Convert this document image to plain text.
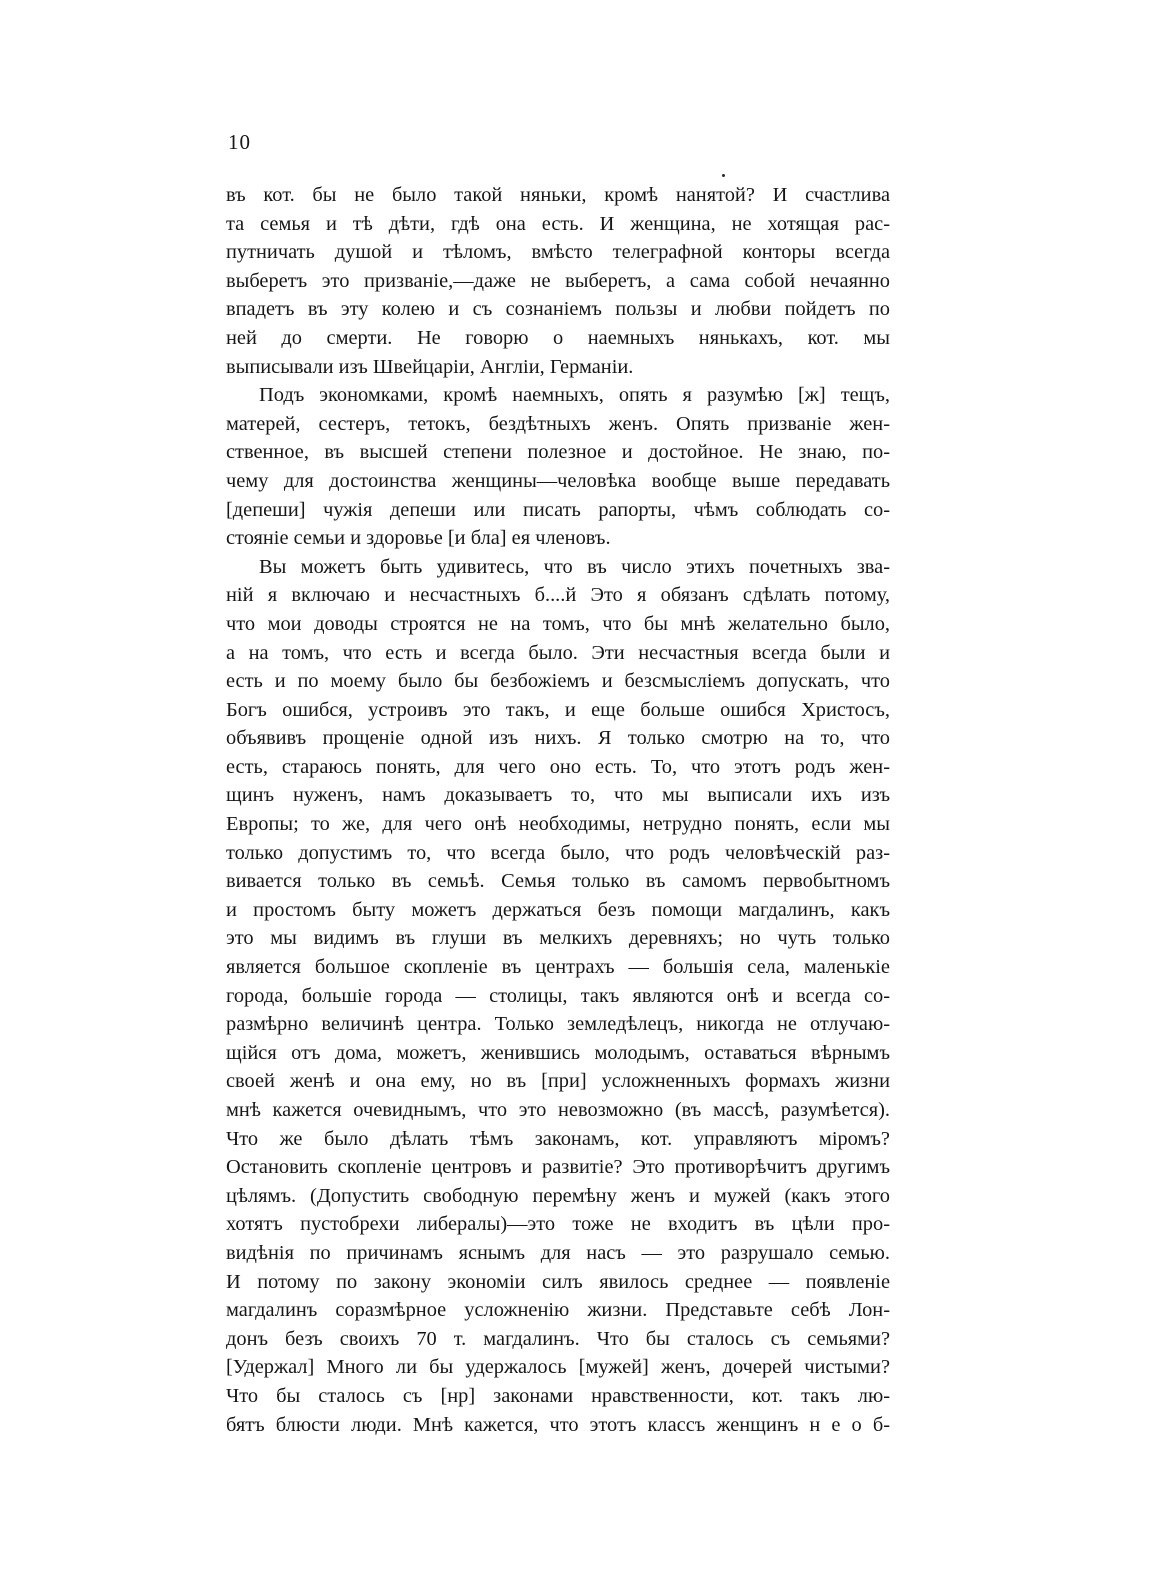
10
въ кот. бы не было такой няньки, кромѣ нанятой? И счастлива
та семья и тѣ дѣти, гдѣ она есть. И женщина, не хотящая рас-
путничать душой и тѣломъ, вмѣсто телеграфной конторы всегда
выберетъ это призваніе,—даже не выберетъ, а сама собой нечаянно
впадетъ въ эту колею и съ сознаніемъ пользы и любви пойдетъ по
ней до смерти. Не говорю о наемныхъ нянькахъ, кот. мы
выписывали изъ Швейцаріи, Англіи, Германіи.
Подъ экономками, кромѣ наемныхъ, опять я разумѣю [ж] тещъ,
матерей, сестеръ, тетокъ, бездѣтныхъ женъ. Опять призваніе жен-
ственное, въ высшей степени полезное и достойное. Не знаю, по-
чему для достоинства женщины—человѣка вообще выше передавать
[депеши] чужія депеши или писать рапорты, чѣмъ соблюдать со-
стояніе семьи и здоровье [и бла] ея членовъ.
Вы можетъ быть удивитесь, что въ число этихъ почетныхъ зва-
ній я включаю и несчастныхъ б....й Это я обязанъ сдѣлать потому,
что мои доводы строятся не на томъ, что бы мнѣ желательно было,
а на томъ, что есть и всегда было. Эти несчастныя всегда были и
есть и по моему было бы безбожіемъ и безсмысліемъ допускать, что
Богъ ошибся, устроивъ это такъ, и еще больше ошибся Христосъ,
объявивъ прощеніе одной изъ нихъ. Я только смотрю на то, что
есть, стараюсь понять, для чего оно есть. То, что этотъ родъ жен-
щинъ нуженъ, намъ доказываетъ то, что мы выписали ихъ изъ
Европы; то же, для чего онѣ необходимы, нетрудно понять, если мы
только допустимъ то, что всегда было, что родъ человѣческій раз-
вивается только въ семьѣ. Семья только въ самомъ первобытномъ
и простомъ быту можетъ держаться безъ помощи магдалинъ, какъ
это мы видимъ въ глуши въ мелкихъ деревняхъ; но чуть только
является большое скопленіе въ центрахъ — большія села, маленькіе
города, большіе города — столицы, такъ являются онѣ и всегда со-
размѣрно величинѣ центра. Только земледѣлецъ, никогда не отлучаю-
щійся отъ дома, можетъ, женившись молодымъ, оставаться вѣрнымъ
своей женѣ и она ему, но въ [при] усложненныхъ формахъ жизни
мнѣ кажется очевиднымъ, что это невозможно (въ массѣ, разумѣется).
Что же было дѣлать тѣмъ законамъ, кот. управляютъ міромъ?
Остановить скопленіе центровъ и развитіе? Это противорѣчитъ другимъ
цѣлямъ. (Допустить свободную перемѣну женъ и мужей (какъ этого
хотятъ пустобрехи либералы)—это тоже не входитъ въ цѣли про-
видѣнія по причинамъ яснымъ для насъ — это разрушало семью.
И потому по закону экономіи силъ явилось среднее — появленіе
магдалинъ соразмѣрное усложненію жизни. Представьте себѣ Лон-
донъ безъ своихъ 70 т. магдалинъ. Что бы сталось съ семьями?
[Удержал] Много ли бы удержалось [мужей] женъ, дочерей чистыми?
Что бы сталось съ [нр] законами нравственности, кот. такъ лю-
бятъ блюсти люди. Мнѣ кажется, что этотъ классъ женщинъ н е о б-
